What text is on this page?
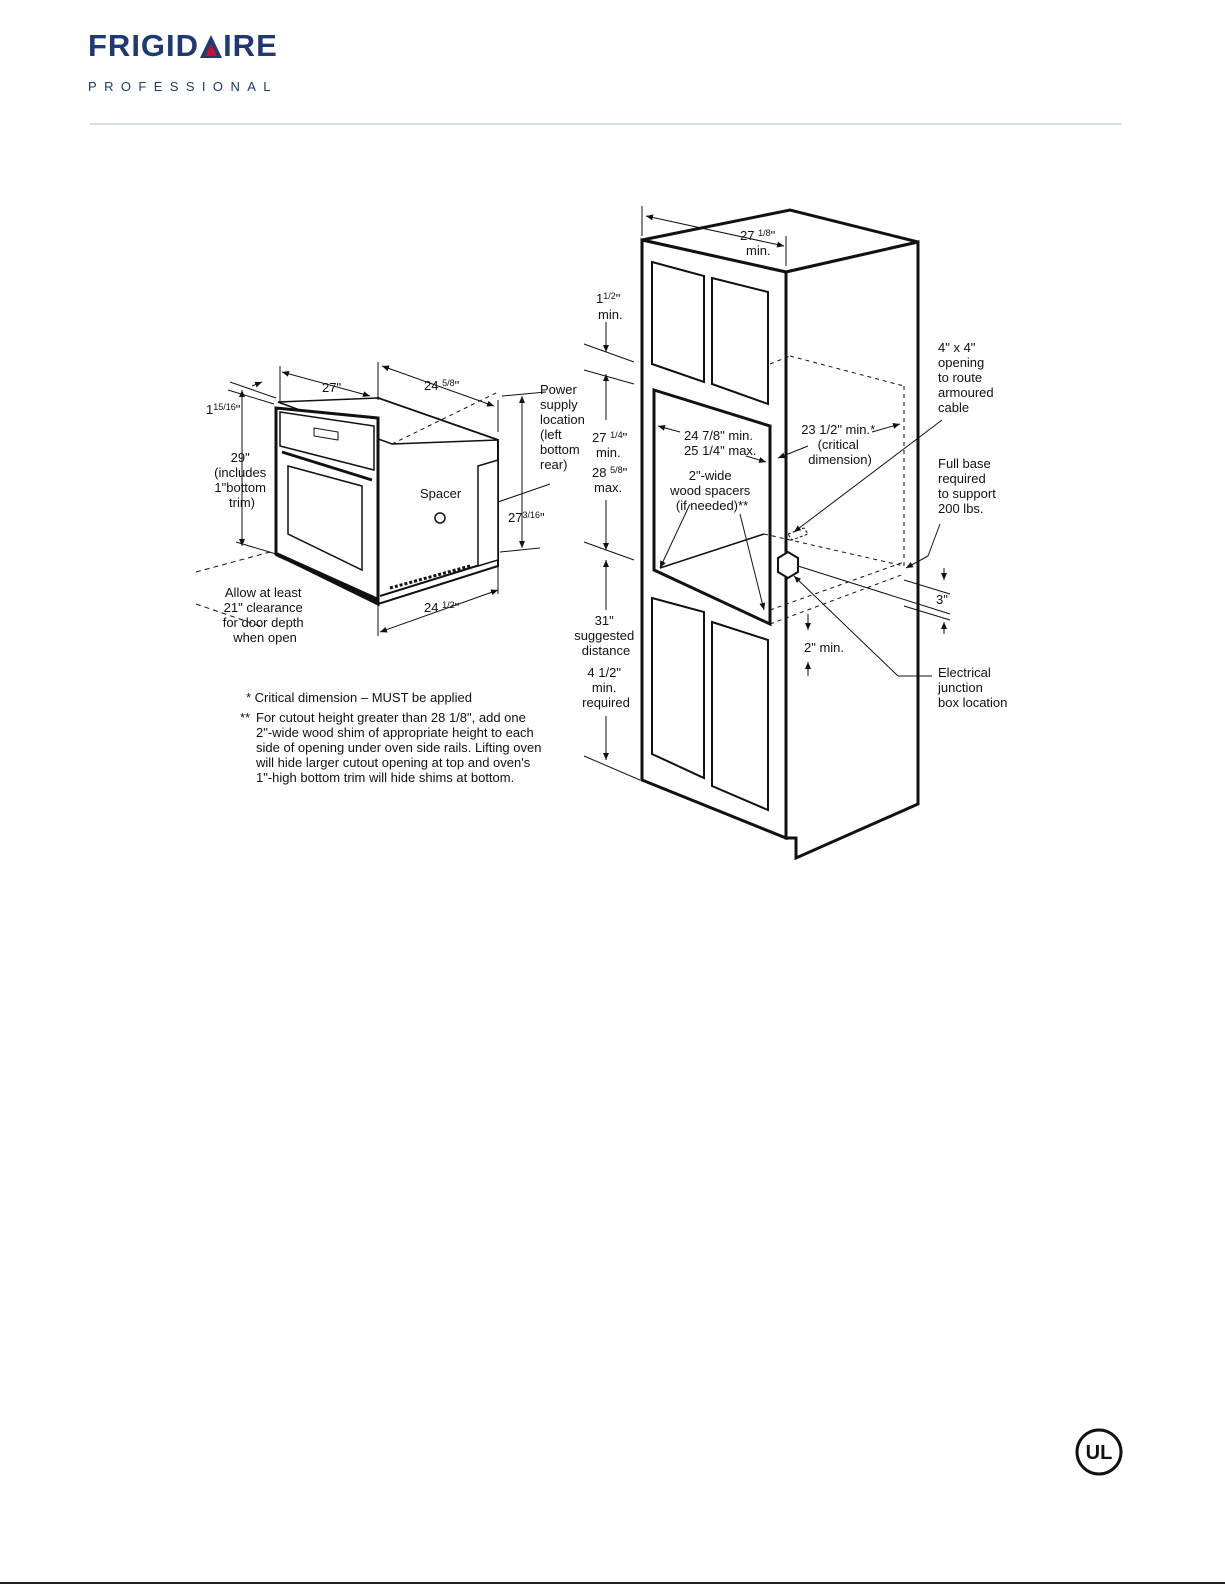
FRIGID IRE
PROFESSIONAL
27"	24 $^{5/8}$"
$1^{15/16}$"
29" (includes 1"bottom trim)
Spacer
Power supply location (left bottom rear)
$27^{3/16}$"
Allow at least 21" clearance for door depth when open
24 $^{1/2}$"
* Critical dimension – MUST be applied
** For cutout height greater than 28 1/8", add one 2"-wide wood shim of appropriate height to each side of opening under oven side rails. Lifting oven will hide larger cutout opening at top and oven's 1"-high bottom trim will hide shims at bottom.
27 $^{1/8}$"
min.
$1^{1/2}$"
min.
27 $^{1/4}$"
min.
28 $^{5/8}$"
max.
24 7/8" min.
25 1/4" max.
2"-wide wood spacers (if needed)**
23 1/2" min.* (critical dimension)
4" x 4" opening to route armoured cable
Full base required to support 200 lbs.
3"
2" min.
Electrical junction box location
31" suggested distance
4 1/2" min. required
UL
